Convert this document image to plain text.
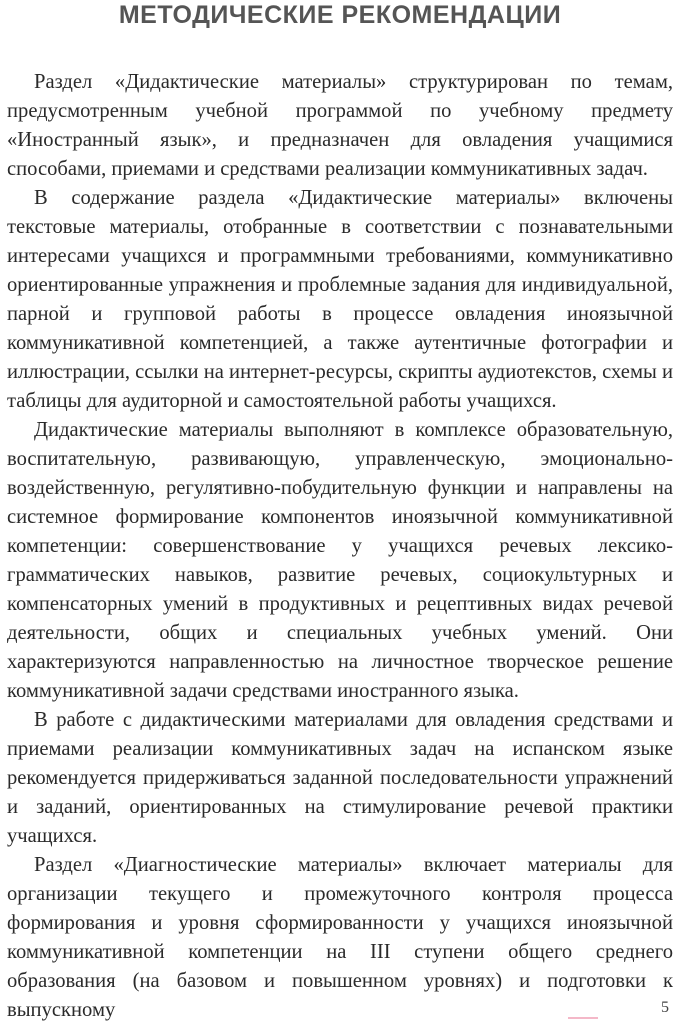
МЕТОДИЧЕСКИЕ РЕКОМЕНДАЦИИ

Раздел «Дидактические материалы» структурирован по темам, предусмотренным учебной программой по учебному предмету «Иностранный язык», и предназначен для овладения учащимися способами, приемами и средствами реализации коммуникативных задач.

В содержание раздела «Дидактические материалы» включены текстовые материалы, отобранные в соответствии с познавательными интересами учащихся и программными требованиями, коммуникативно ориентированные упражнения и проблемные задания для индивидуальной, парной и групповой работы в процессе овладения иноязычной коммуникативной компетенцией, а также аутентичные фотографии и иллюстрации, ссылки на интернет-ресурсы, скрипты аудиотекстов, схемы и таблицы для аудиторной и самостоятельной работы учащихся.

Дидактические материалы выполняют в комплексе образовательную, воспитательную, развивающую, управленческую, эмоционально-воздейственную, регулятивно-побудительную функции и направлены на системное формирование компонентов иноязычной коммуникативной компетенции: совершенствование у учащихся речевых лексико-грамматических навыков, развитие речевых, социокультурных и компенсаторных умений в продуктивных и рецептивных видах речевой деятельности, общих и специальных учебных умений. Они характеризуются направленностью на личностное творческое решение коммуникативной задачи средствами иностранного языка.

В работе с дидактическими материалами для овладения средствами и приемами реализации коммуникативных задач на испанском языке рекомендуется придерживаться заданной последовательности упражнений и заданий, ориентированных на стимулирование речевой практики учащихся.

Раздел «Диагностические материалы» включает материалы для организации текущего и промежуточного контроля процесса формирования и уровня сформированности у учащихся иноязычной коммуникативной компетенции на III ступени общего среднего образования (на базовом и повышенном уровнях) и подготовки к выпускному	5
